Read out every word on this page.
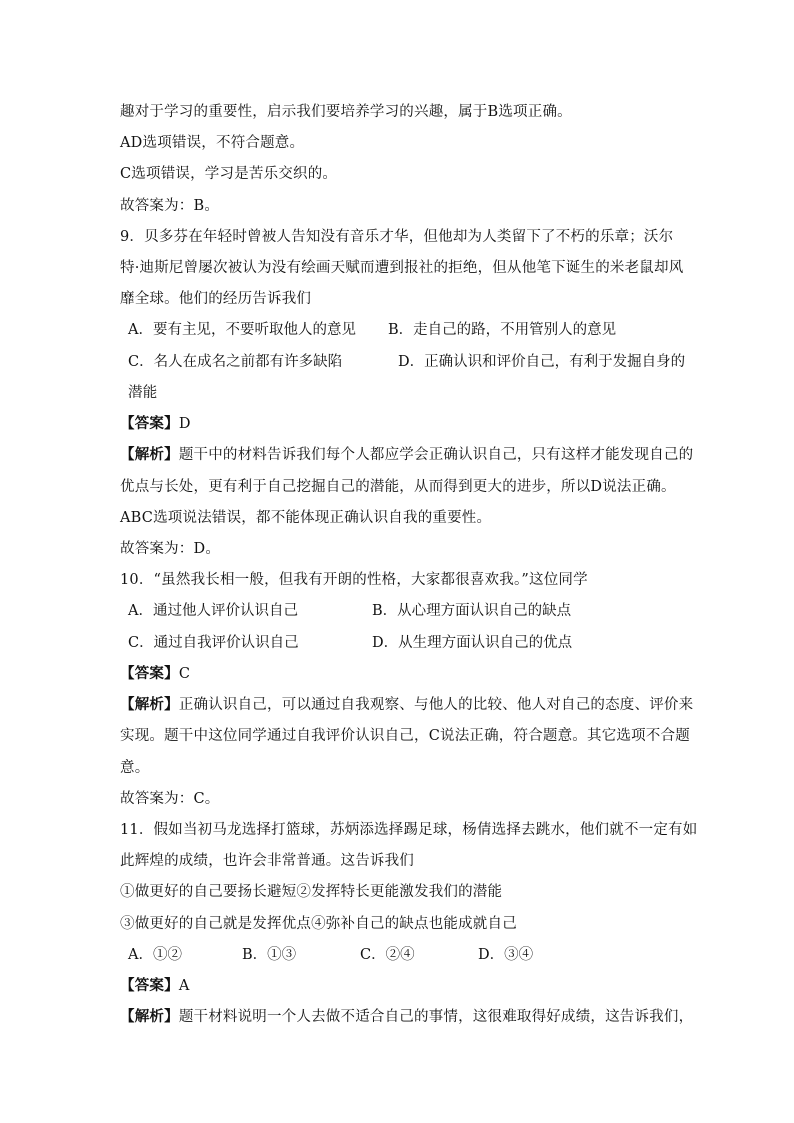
趣对于学习的重要性，启示我们要培养学习的兴趣，属于B选项正确。
AD选项错误，不符合题意。
C选项错误，学习是苦乐交织的。
故答案为：B。
9．贝多芬在年轻时曾被人告知没有音乐才华，但他却为人类留下了不朽的乐章；沃尔
特·迪斯尼曾屡次被认为没有绘画天赋而遭到报社的拒绝，但从他笔下诞生的米老鼠却风
靡全球。他们的经历告诉我们
A．要有主见，不要听取他人的意见 B．走自己的路，不用管别人的意见
C．名人在成名之前都有许多缺陷	D．正确认识和评价自己，有利于发掘自身的
潜能
【答案】D
【解析】题干中的材料告诉我们每个人都应学会正确认识自己，只有这样才能发现自己的
优点与长处，更有利于自己挖掘自己的潜能，从而得到更大的进步，所以D说法正确。
ABC选项说法错误，都不能体现正确认识自我的重要性。
故答案为：D。
10．“虽然我长相一般，但我有开朗的性格，大家都很喜欢我。”这位同学
A．通过他人评价认识自己	B．从心理方面认识自己的缺点
C．通过自我评价认识自己	D．从生理方面认识自己的优点
【答案】C
【解析】正确认识自己，可以通过自我观察、与他人的比较、他人对自己的态度、评价来
实现。题干中这位同学通过自我评价认识自己，C说法正确，符合题意。其它选项不合题
意。
故答案为：C。
11．假如当初马龙选择打篮球，苏炳添选择踢足球，杨倩选择去跳水，他们就不一定有如
此辉煌的成绩，也许会非常普通。这告诉我们
①做更好的自己要扬长避短②发挥特长更能激发我们的潜能
③做更好的自己就是发挥优点④弥补自己的缺点也能成就自己
A．①②	B．①③	C．②④	D．③④
【答案】A
【解析】题干材料说明一个人去做不适合自己的事情，这很难取得好成绩，这告诉我们，
